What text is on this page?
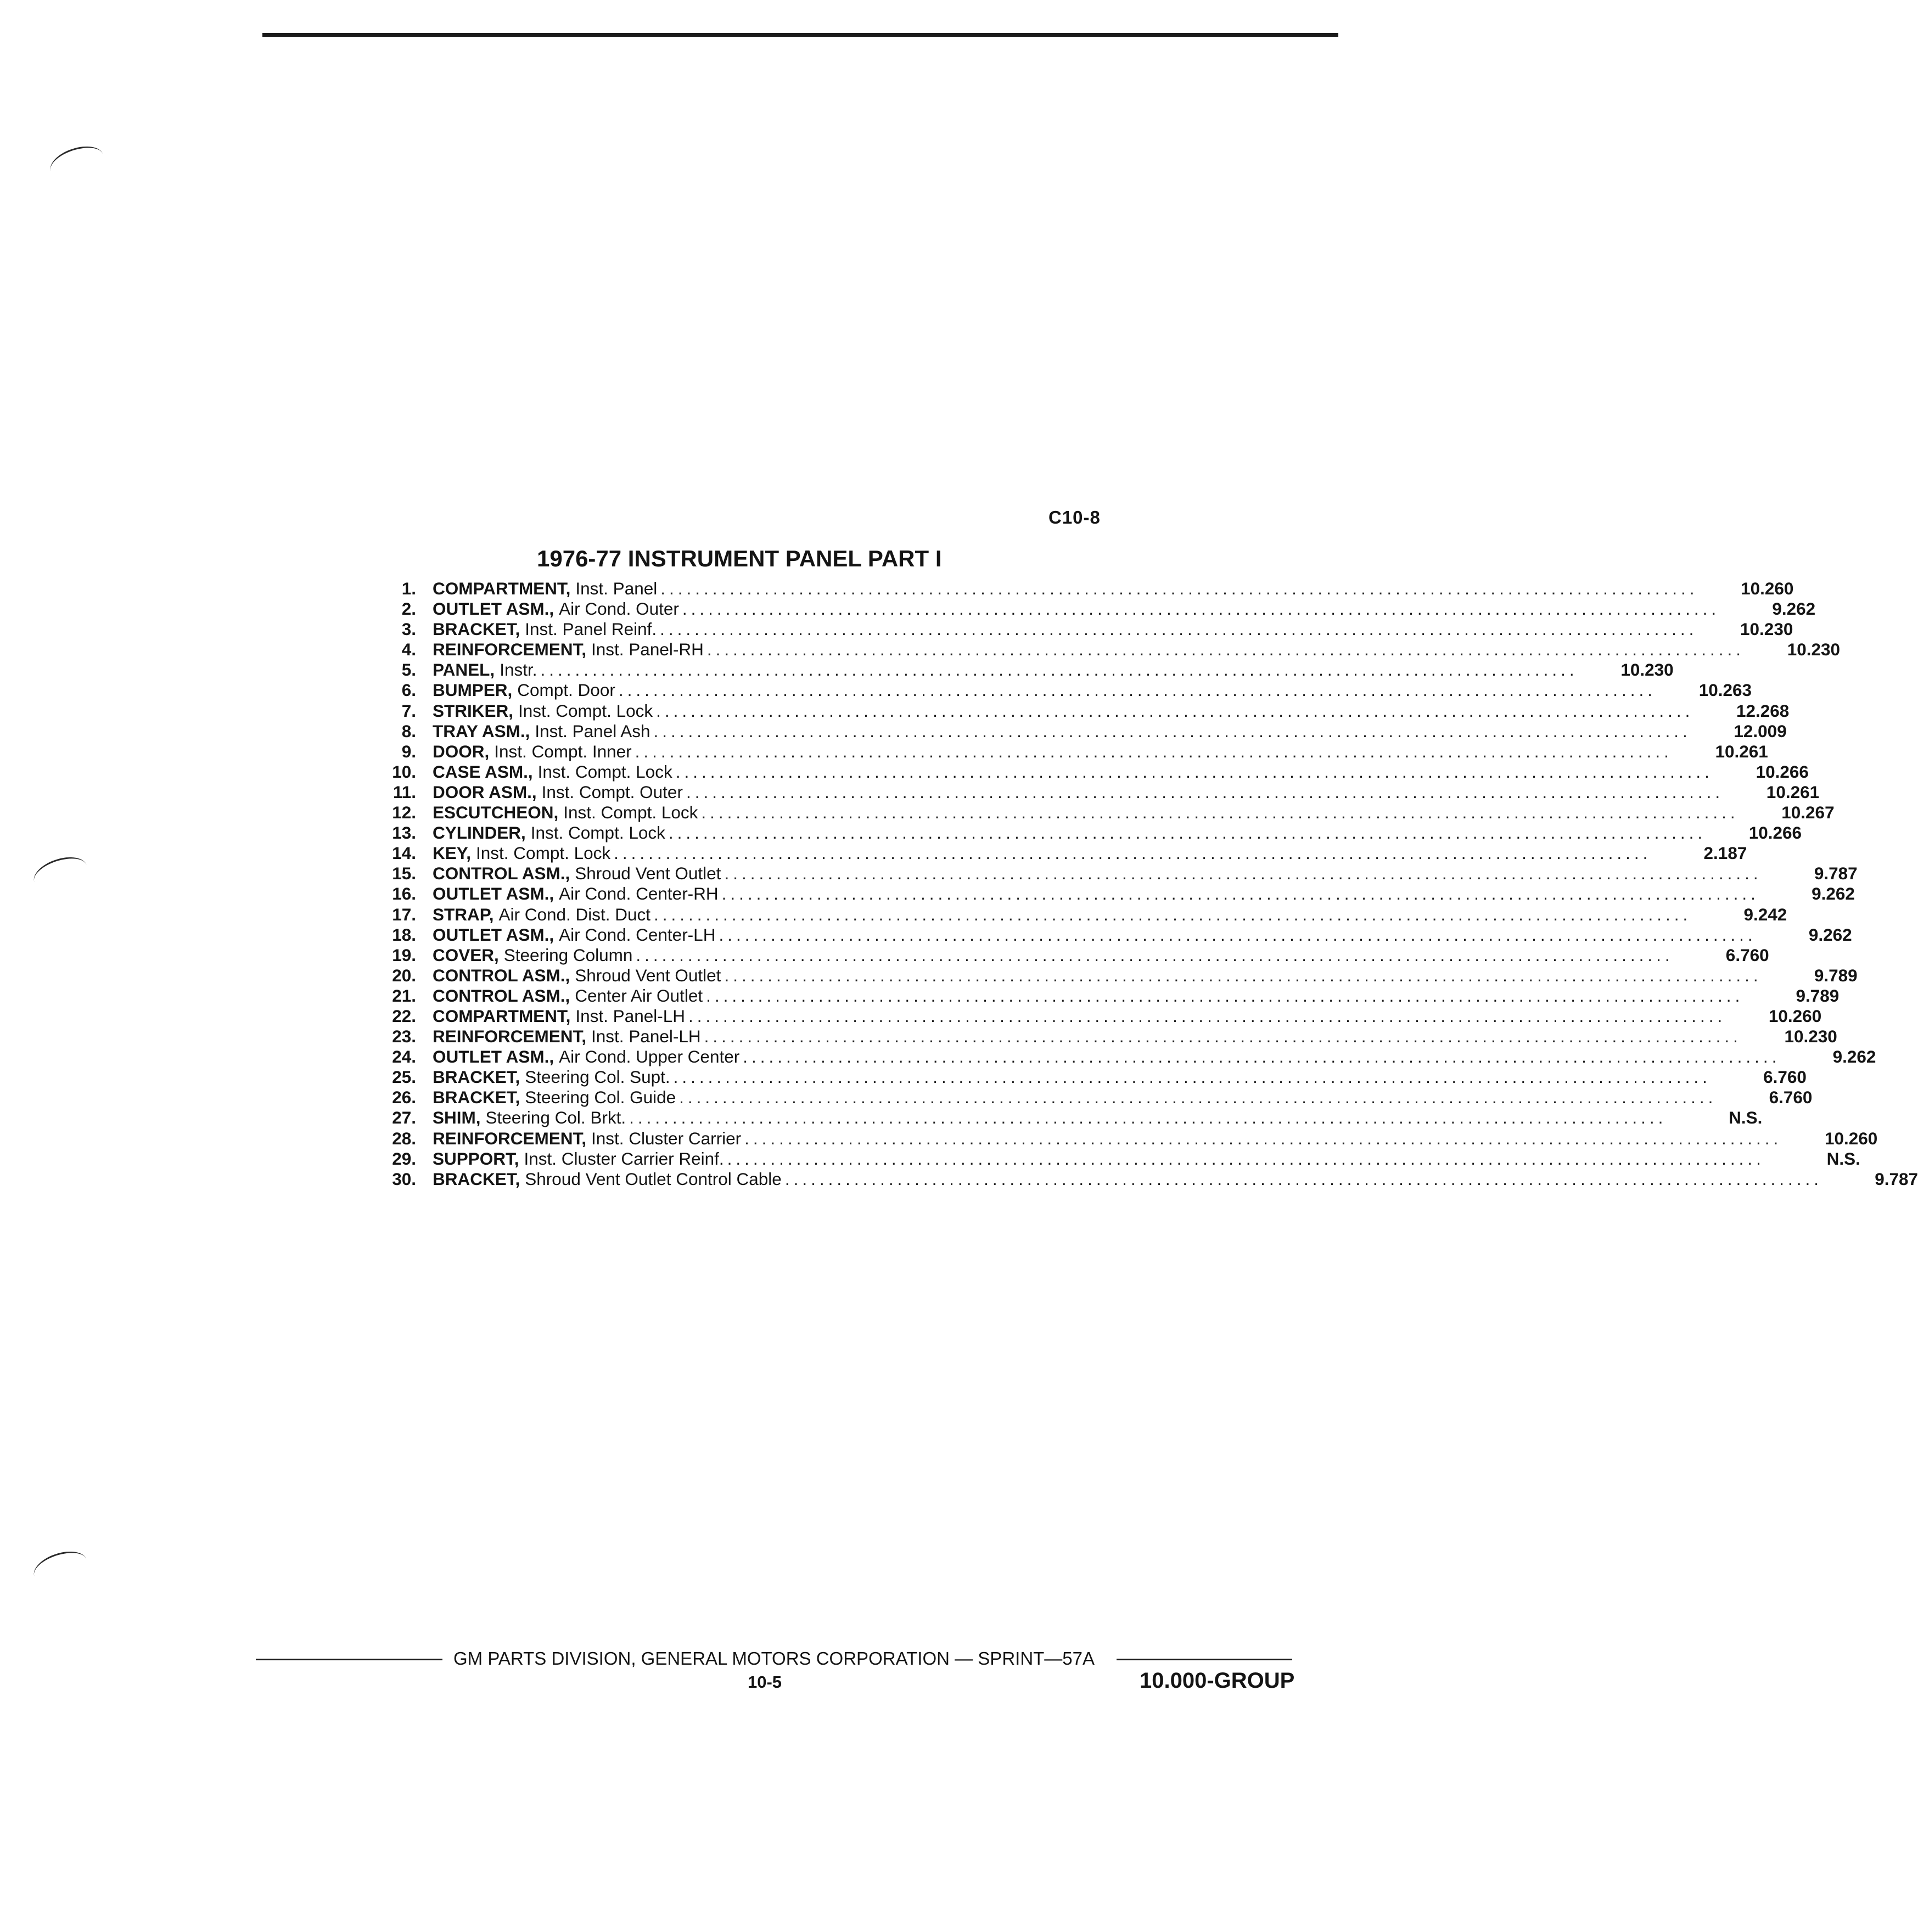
C10-8
1976-77 INSTRUMENT PANEL PART I
1. COMPARTMENT, Inst. Panel ........................................................................................................................	10.260
2. OUTLET ASM., Air Cond. Outer ........................................................................................................................	9.262
3. BRACKET, Inst. Panel Reinf. ........................................................................................................................	10.230
4. REINFORCEMENT, Inst. Panel-RH ........................................................................................................................	10.230
5. PANEL, Instr. ........................................................................................................................	10.230
6. BUMPER, Compt. Door ........................................................................................................................	10.263
7. STRIKER, Inst. Compt. Lock ........................................................................................................................	12.268
8. TRAY ASM., Inst. Panel Ash ........................................................................................................................	12.009
9. DOOR, Inst. Compt. Inner ........................................................................................................................	10.261
10. CASE ASM., Inst. Compt. Lock ........................................................................................................................	10.266
11. DOOR ASM., Inst. Compt. Outer ........................................................................................................................	10.261
12. ESCUTCHEON, Inst. Compt. Lock ........................................................................................................................	10.267
13. CYLINDER, Inst. Compt. Lock ........................................................................................................................	10.266
14. KEY, Inst. Compt. Lock ........................................................................................................................	2.187
15. CONTROL ASM., Shroud Vent Outlet ........................................................................................................................	9.787
16. OUTLET ASM., Air Cond. Center-RH ........................................................................................................................	9.262
17. STRAP, Air Cond. Dist. Duct ........................................................................................................................	9.242
18. OUTLET ASM., Air Cond. Center-LH ........................................................................................................................	9.262
19. COVER, Steering Column ........................................................................................................................	6.760
20. CONTROL ASM., Shroud Vent Outlet ........................................................................................................................	9.789
21. CONTROL ASM., Center Air Outlet ........................................................................................................................	9.789
22. COMPARTMENT, Inst. Panel-LH ........................................................................................................................	10.260
23. REINFORCEMENT, Inst. Panel-LH ........................................................................................................................	10.230
24. OUTLET ASM., Air Cond. Upper Center ........................................................................................................................	9.262
25. BRACKET, Steering Col. Supt. ........................................................................................................................	6.760
26. BRACKET, Steering Col. Guide ........................................................................................................................	6.760
27. SHIM, Steering Col. Brkt. ........................................................................................................................	N.S.
28. REINFORCEMENT, Inst. Cluster Carrier ........................................................................................................................	10.260
29. SUPPORT, Inst. Cluster Carrier Reinf. ........................................................................................................................	N.S.
30. BRACKET, Shroud Vent Outlet Control Cable ........................................................................................................................	9.787
GM PARTS DIVISION, GENERAL MOTORS CORPORATION — SPRINT—57A
10-5	10.000-GROUP
